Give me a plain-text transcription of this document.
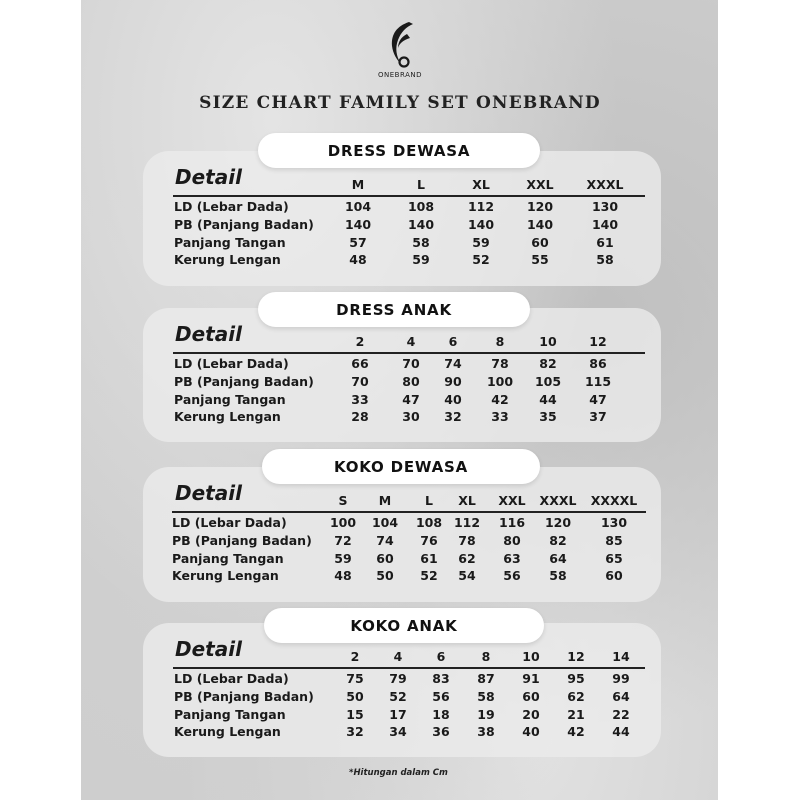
ONEBRAND
SIZE CHART FAMILY SET ONEBRAND
DRESS DEWASA
Detail	M	L	XL	XXL	XXXL
LD (Lebar Dada)	104	108	112	120	130
PB (Panjang Badan) 140	140	140	140	140
Panjang Tangan	57	58	59	60	61
Kerung Lengan	48	59	52	55	58
DRESS ANAK
Detail	2	4	6	8	10	12
LD (Lebar Dada)	66	70 74 78 82	86
PB (Panjang Badan)	70	80 90 100 105 115
Panjang Tangan	33	47 40 42 44	47
Kerung Lengan	28	30 32 33 35	37
KOKO DEWASA
Detail	S	M	L XL XXL XXXL XXXXL
LD (Lebar Dada)	100 104 108 112 116 120 130
PB (Panjang Badan) 72 74 76 78 80 82	85
Panjang Tangan	59 60 61 62 63 64	65
Kerung Lengan	48 50 52 54 56 58	60
KOKO ANAK
Detail	2	4	6	8	10 12 14
LD (Lebar Dada)	75 79 83 87 91 95 99
PB (Panjang Badan)	50 52 56 58 60 62 64
Panjang Tangan	15 17 18 19 20 21 22
Kerung Lengan	32 34 36 38 40 42 44
*Hitungan dalam Cm
